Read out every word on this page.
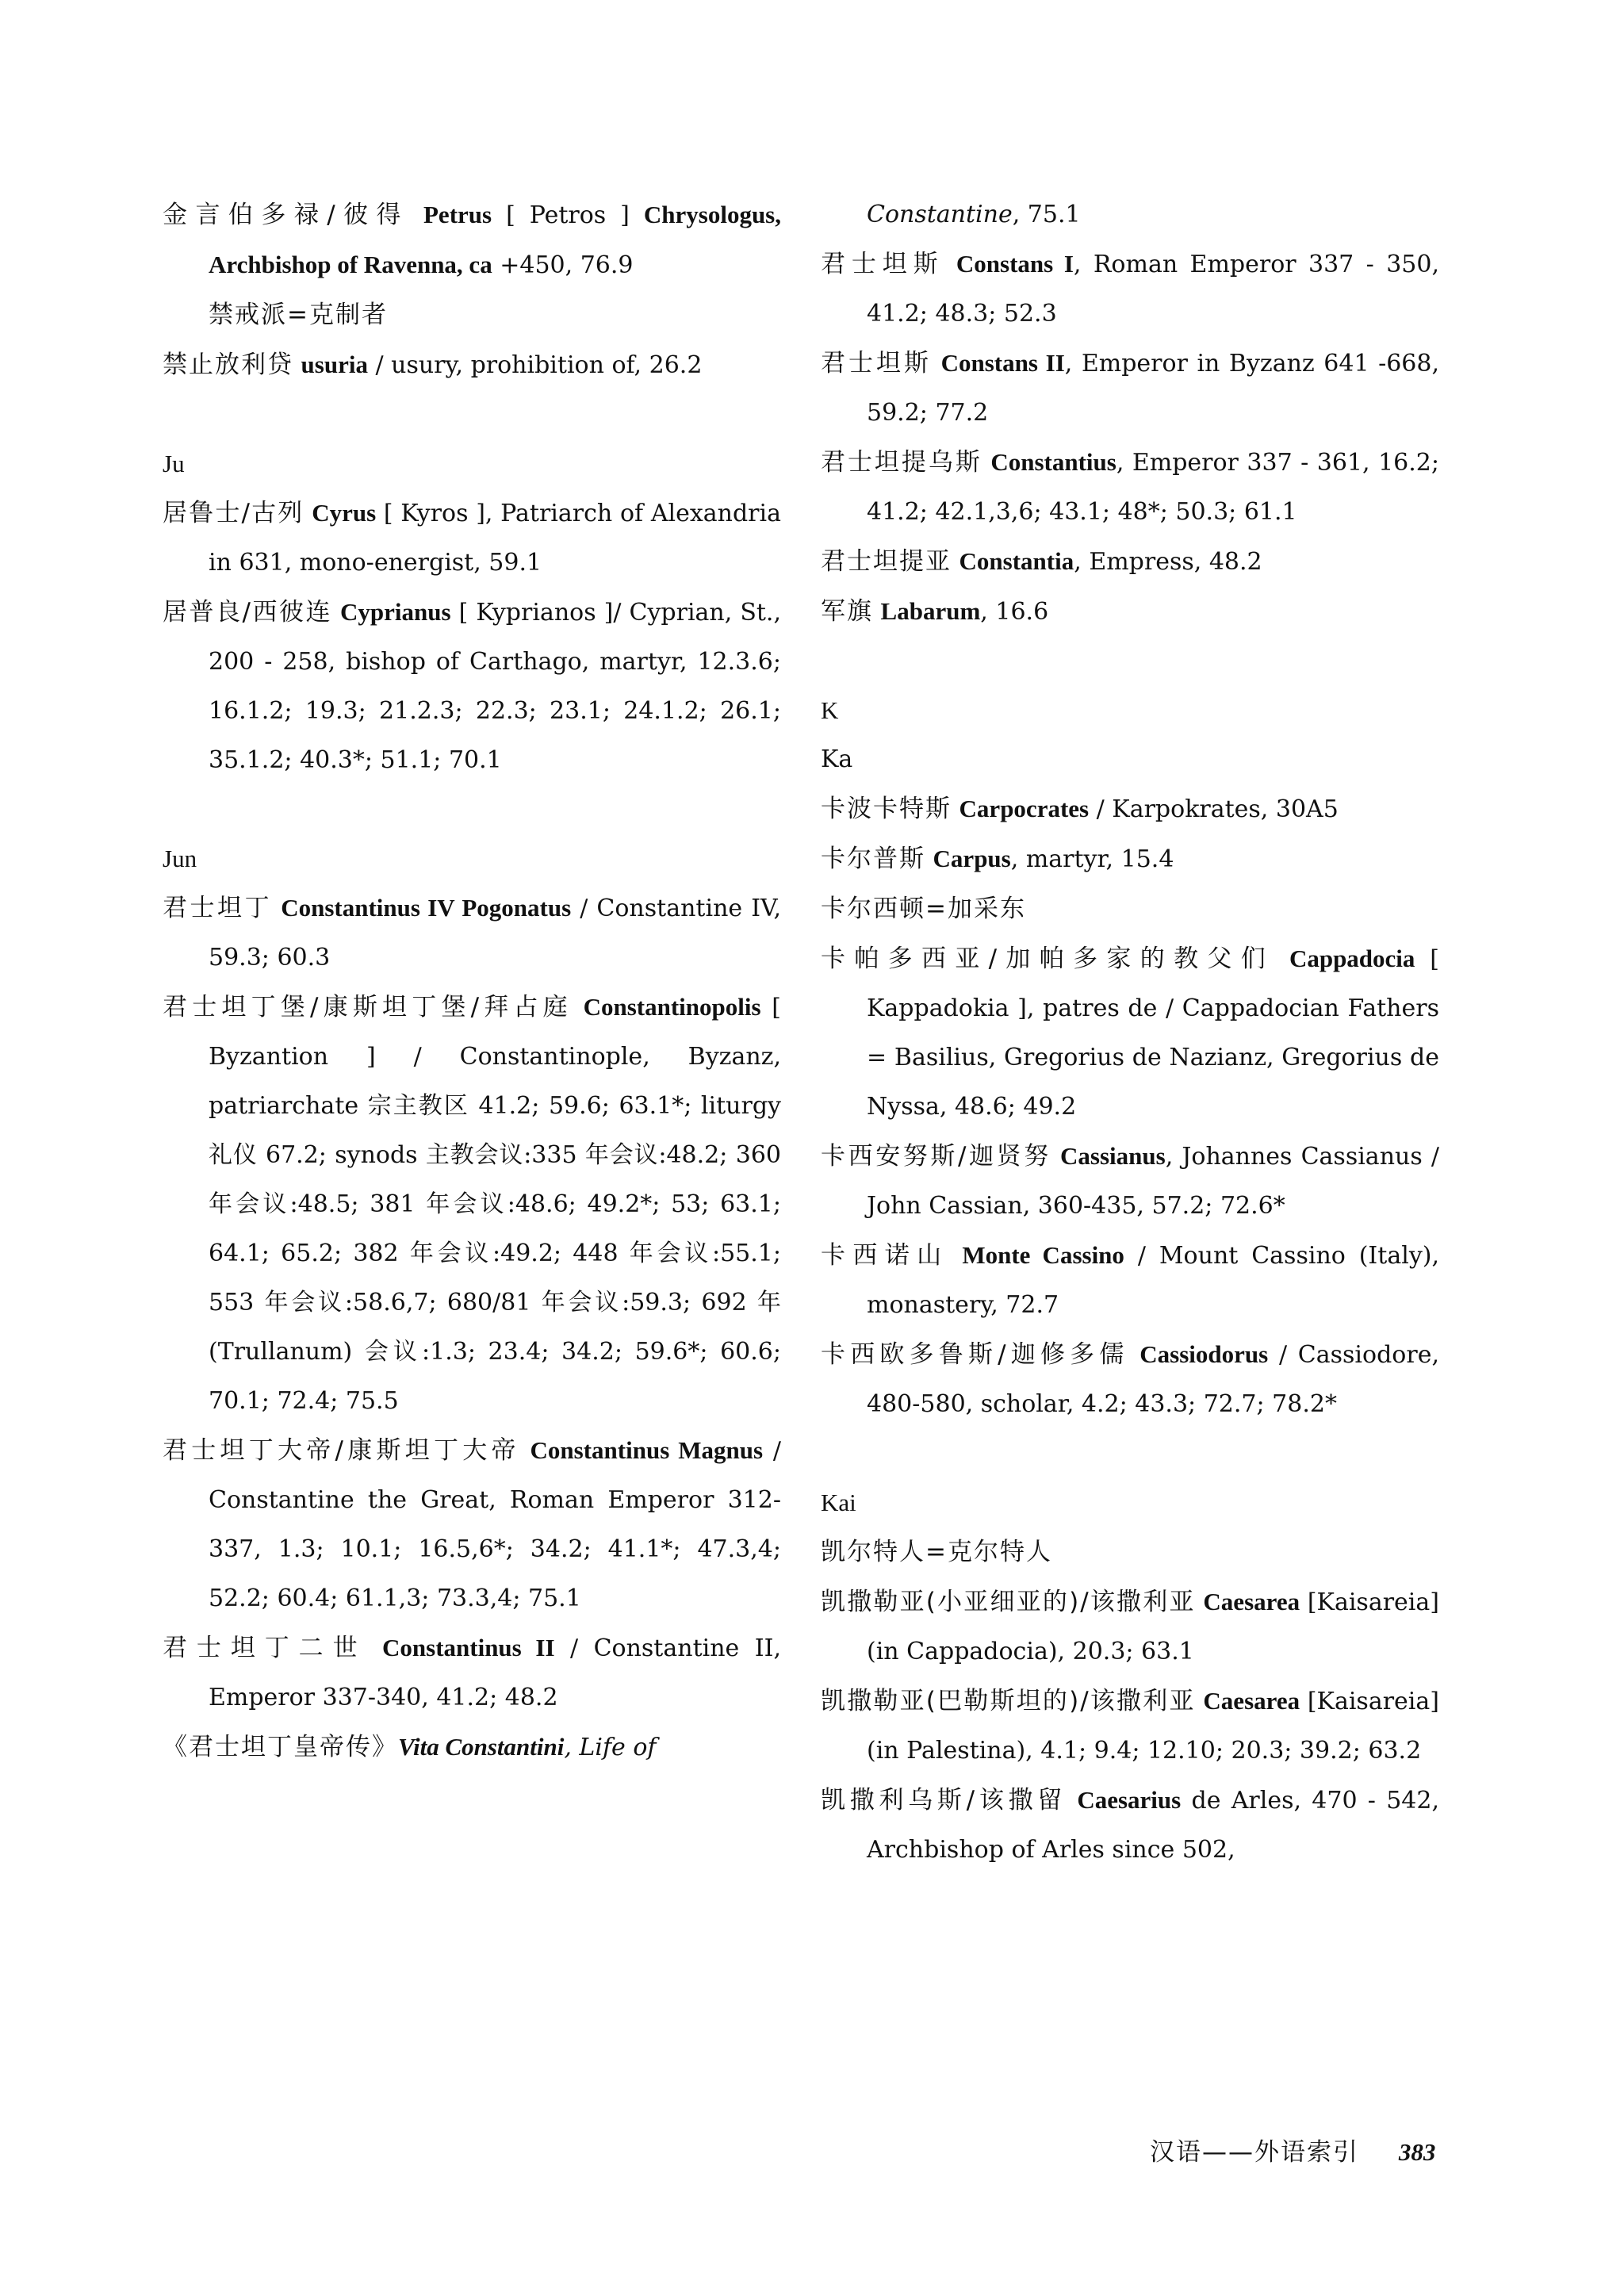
金言伯多禄/彼得 Petrus [ Petros ] Chrysologus, Archbishop of Ravenna, ca +450, 76.9
禁戒派=克制者
禁止放利贷 usuria / usury, prohibition of, 26.2
Ju
居鲁士/古列 Cyrus [ Kyros ], Patriarch of Alexandria in 631, mono-energist, 59.1
居普良/西彼连 Cyprianus [ Kyprianos ]/ Cyprian, St., 200 - 258, bishop of Carthago, martyr, 12.3.6; 16.1.2; 19.3; 21.2.3; 22.3; 23.1; 24.1.2; 26.1; 35.1.2; 40.3*; 51.1; 70.1
Jun
君士坦丁 Constantinus IV Pogonatus / Constantine IV, 59.3; 60.3
君士坦丁堡/康斯坦丁堡/拜占庭 Constantinopolis [ Byzantion ] / Constantinople, Byzanz, patriarchate 宗主教区 41.2; 59.6; 63.1*; liturgy 礼仪 67.2; synods 主教会议:335 年会议:48.2; 360 年会议:48.5; 381 年会议:48.6; 49.2*; 53; 63.1; 64.1; 65.2; 382 年会议:49.2; 448 年会议:55.1; 553 年会议:58.6,7; 680/81 年会议:59.3; 692 年(Trullanum) 会议:1.3; 23.4; 34.2; 59.6*; 60.6; 70.1; 72.4; 75.5
君士坦丁大帝/康斯坦丁大帝 Constantinus Magnus / Constantine the Great, Roman Emperor 312-337, 1.3; 10.1; 16.5,6*; 34.2; 41.1*; 47.3,4; 52.2; 60.4; 61.1,3; 73.3,4; 75.1
君士坦丁二世 Constantinus II / Constantine II, Emperor 337-340, 41.2; 48.2
《君士坦丁皇帝传》Vita Constantini, Life of
Constantine, 75.1
君士坦斯 Constans I, Roman Emperor 337 - 350, 41.2; 48.3; 52.3
君士坦斯 Constans II, Emperor in Byzanz 641 -668, 59.2; 77.2
君士坦提乌斯 Constantius, Emperor 337 - 361, 16.2; 41.2; 42.1,3,6; 43.1; 48*; 50.3; 61.1
君士坦提亚 Constantia, Empress, 48.2
军旗 Labarum, 16.6
K
Ka
卡波卡特斯 Carpocrates / Karpokrates, 30A5
卡尔普斯 Carpus, martyr, 15.4
卡尔西顿=加采东
卡帕多西亚/加帕多家的教父们 Cappadocia [ Kappadokia ], patres de / Cappadocian Fathers = Basilius, Gregorius de Nazianz, Gregorius de Nyssa, 48.6; 49.2
卡西安努斯/迦贤努 Cassianus, Johannes Cassianus / John Cassian, 360-435, 57.2; 72.6*
卡西诺山 Monte Cassino / Mount Cassino (Italy), monastery, 72.7
卡西欧多鲁斯/迦修多儒 Cassiodorus / Cassiodore, 480-580, scholar, 4.2; 43.3; 72.7; 78.2*
Kai
凯尔特人=克尔特人
凯撒勒亚(小亚细亚的)/该撒利亚 Caesarea [Kaisareia] (in Cappadocia), 20.3; 63.1
凯撒勒亚(巴勒斯坦的)/该撒利亚 Caesarea [Kaisareia] (in Palestina), 4.1; 9.4; 12.10; 20.3; 39.2; 63.2
凯撒利乌斯/该撒留 Caesarius de Arles, 470 - 542, Archbishop of Arles since 502,
汉语——外语索引 383
